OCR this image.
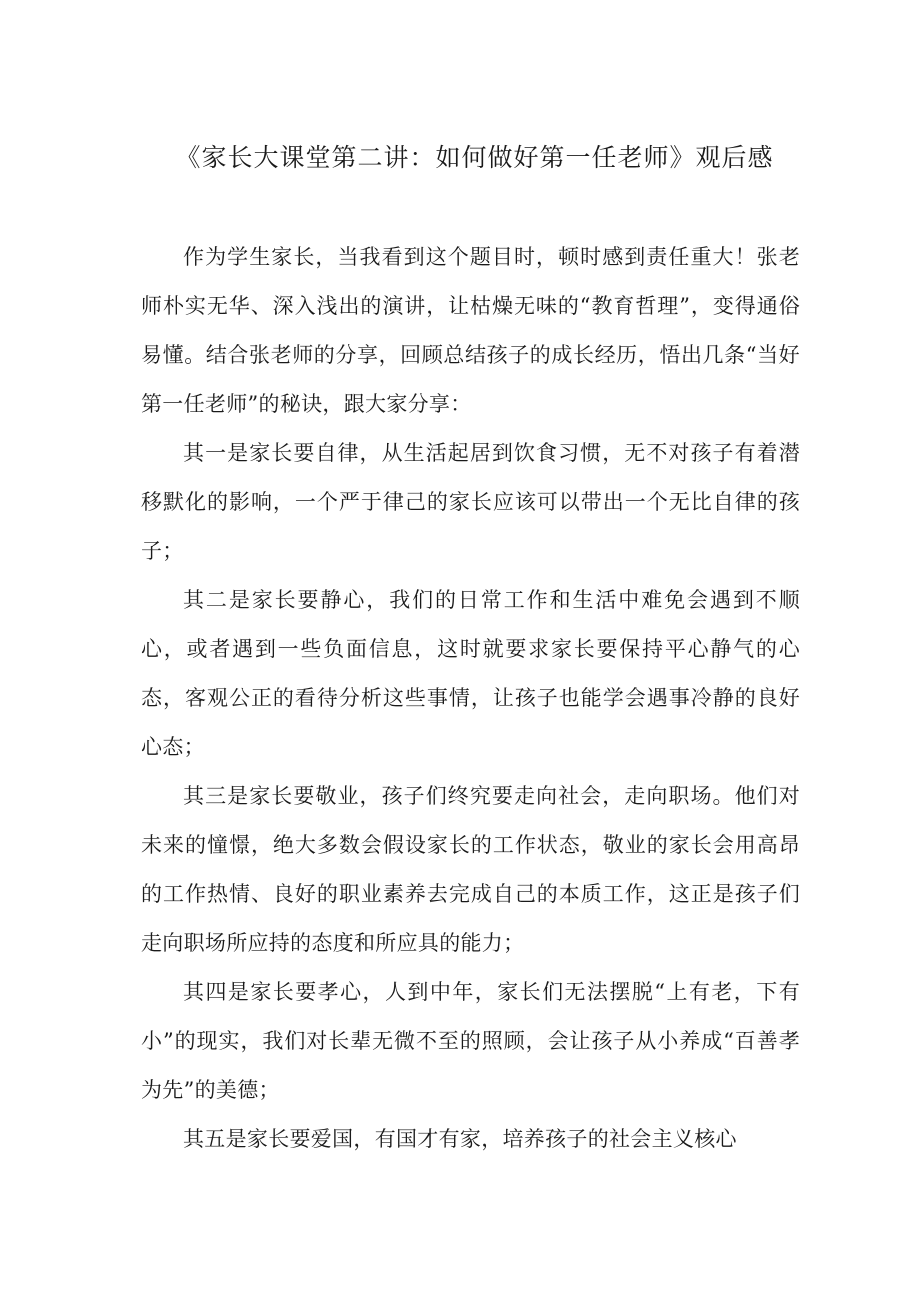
《家长大课堂第二讲：如何做好第一任老师》观后感

作为学生家长，当我看到这个题目时，顿时感到责任重大！张老师朴实无华、深入浅出的演讲，让枯燥无味的“教育哲理”，变得通俗易懂。结合张老师的分享，回顾总结孩子的成长经历，悟出几条“当好第一任老师”的秘诀，跟大家分享：

其一是家长要自律，从生活起居到饮食习惯，无不对孩子有着潜移默化的影响，一个严于律己的家长应该可以带出一个无比自律的孩子；

其二是家长要静心，我们的日常工作和生活中难免会遇到不顺心，或者遇到一些负面信息，这时就要求家长要保持平心静气的心态，客观公正的看待分析这些事情，让孩子也能学会遇事冷静的良好心态；

其三是家长要敬业，孩子们终究要走向社会，走向职场。他们对未来的憧憬，绝大多数会假设家长的工作状态，敬业的家长会用高昂的工作热情、良好的职业素养去完成自己的本质工作，这正是孩子们走向职场所应持的态度和所应具的能力；

其四是家长要孝心，人到中年，家长们无法摆脱“上有老，下有小”的现实，我们对长辈无微不至的照顾，会让孩子从小养成“百善孝为先”的美德；

其五是家长要爱国，有国才有家，培养孩子的社会主义核心
